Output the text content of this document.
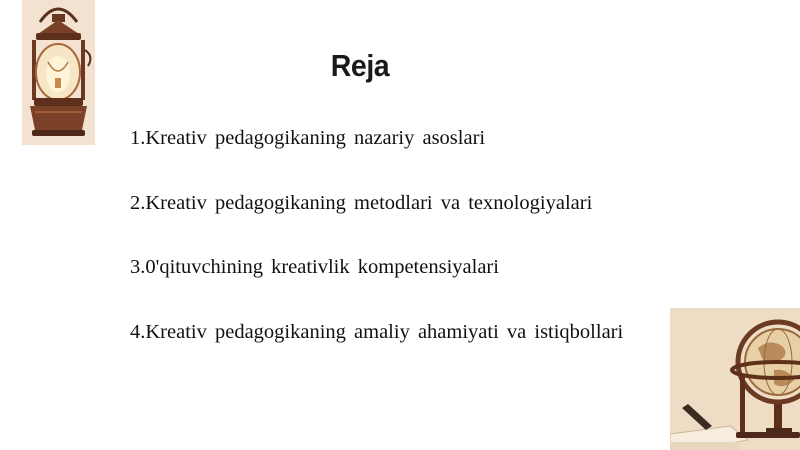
Reja
1.Kreativ pedagogikaning nazariy asoslari
2.Kreativ pedagogikaning metodlari va texnologiyalari
3.0'qituvchining kreativlik kompetensiyalari
4.Kreativ pedagogikaning amaliy ahamiyati va istiqbollari
